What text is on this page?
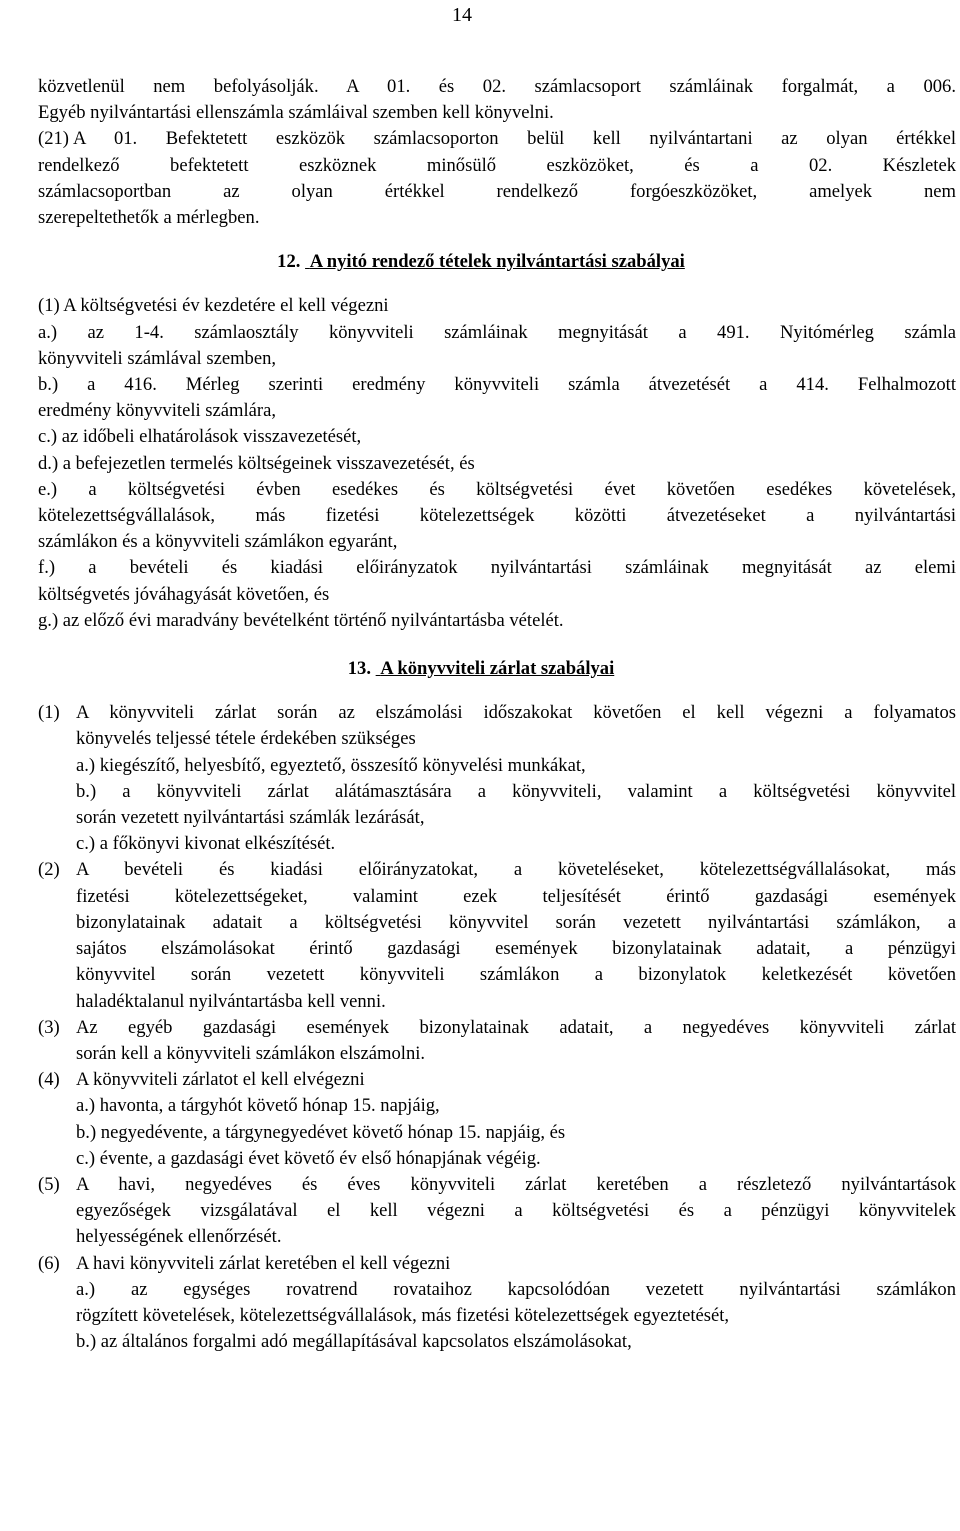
14
közvetlenül nem befolyásolják. A 01. és 02. számlacsoport számláinak forgalmát, a 006.
Egyéb nyilvántartási ellenszámla számláival szemben kell könyvelni.
(21) A 01. Befektetett eszközök számlacsoporton belül kell nyilvántartani az olyan értékkel
rendelkező befektetett eszköznek minősülő eszközöket, és a 02. Készletek
számlacsoportban az olyan értékkel rendelkező forgóeszközöket, amelyek nem
szerepeltethetők a mérlegben.
12. A nyitó rendező tételek nyilvántartási szabályai
(1) A költségvetési év kezdetére el kell végezni
a.) az 1-4. számlaosztály könyvviteli számláinak megnyitását a 491. Nyitómérleg számla
könyvviteli számlával szemben,
b.) a 416. Mérleg szerinti eredmény könyvviteli számla átvezetését a 414. Felhalmozott
eredmény könyvviteli számlára,
c.) az időbeli elhatárolások visszavezetését,
d.) a befejezetlen termelés költségeinek visszavezetését, és
e.) a költségvetési évben esedékes és költségvetési évet követően esedékes követelések,
kötelezettségvállalások, más fizetési kötelezettségek közötti átvezetéseket a nyilvántartási
számlákon és a könyvviteli számlákon egyaránt,
f.) a bevételi és kiadási előirányzatok nyilvántartási számláinak megnyitását az elemi
költségvetés jóváhagyását követően, és
g.) az előző évi maradvány bevételként történő nyilvántartásba vételét.
13. A könyvviteli zárlat szabályai
(1) A könyvviteli zárlat során az elszámolási időszakokat követően el kell végezni a folyamatos
könyvelés teljessé tétele érdekében szükséges
a.) kiegészítő, helyesbítő, egyeztető, összesítő könyvelési munkákat,
b.) a könyvviteli zárlat alátámasztására a könyvviteli, valamint a költségvetési könyvvitel
során vezetett nyilvántartási számlák lezárását,
c.) a főkönyvi kivonat elkészítését.
(2) A bevételi és kiadási előirányzatokat, a követeléseket, kötelezettségvállalásokat, más
fizetési kötelezettségeket, valamint ezek teljesítését érintő gazdasági események
bizonylatainak adatait a költségvetési könyvvitel során vezetett nyilvántartási számlákon, a
sajátos elszámolásokat érintő gazdasági események bizonylatainak adatait, a pénzügyi
könyvvitel során vezetett könyvviteli számlákon a bizonylatok keletkezését követően
haladéktalanul nyilvántartásba kell venni.
(3) Az egyéb gazdasági események bizonylatainak adatait, a negyedéves könyvviteli zárlat
során kell a könyvviteli számlákon elszámolni.
(4) A könyvviteli zárlatot el kell elvégezni
a.) havonta, a tárgyhót követő hónap 15. napjáig,
b.) negyedévente, a tárgynegyedévet követő hónap 15. napjáig, és
c.) évente, a gazdasági évet követő év első hónapjának végéig.
(5) A havi, negyedéves és éves könyvviteli zárlat keretében a részletező nyilvántartások
egyezőségek vizsgálatával el kell végezni a költségvetési és a pénzügyi könyvvitelek
helyességének ellenőrzését.
(6) A havi könyvviteli zárlat keretében el kell végezni
a.) az egységes rovatrend rovataihoz kapcsolódóan vezetett nyilvántartási számlákon
rögzített követelések, kötelezettségvállalások, más fizetési kötelezettségek egyeztetését,
b.) az általános forgalmi adó megállapításával kapcsolatos elszámolásokat,
